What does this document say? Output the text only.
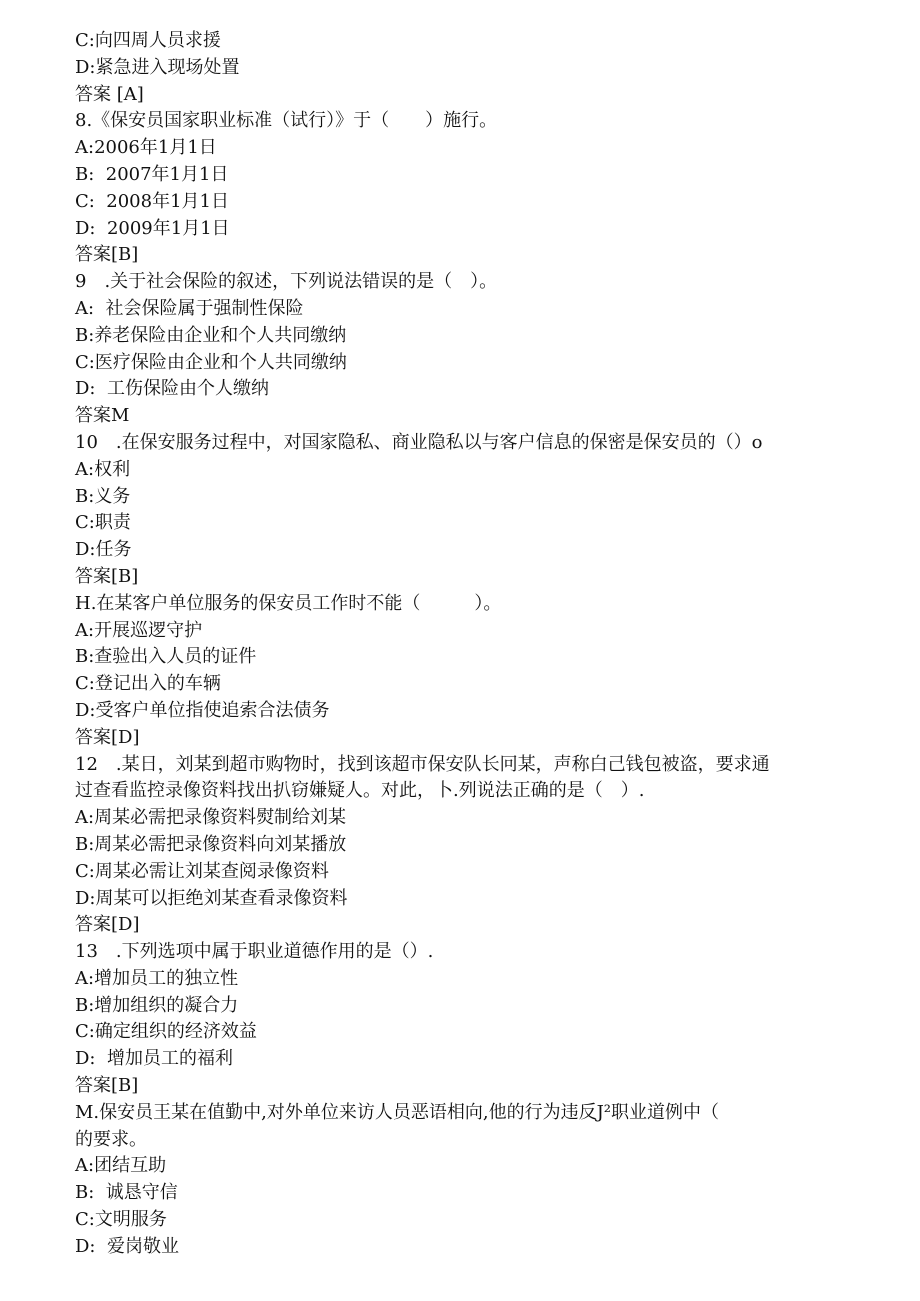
C:向四周人员求援
D:紧急进入现场处置
答案 [A]
8.《保安员国家职业标准（试行）》于（　　）施行。
A:2006年1月1日
B:  2007年1月1日
C:  2008年1月1日
D:  2009年1月1日
答案[B]
9　.关于社会保险的叙述，下列说法错误的是（　）。
A:  社会保险属于强制性保险
B:养老保险由企业和个人共同缴纳
C:医疗保险由企业和个人共同缴纳
D:  工伤保险由个人缴纳
答案M
10　.在保安服务过程中，对国家隐私、商业隐私以与客户信息的保密是保安员的（）o
A:权利
B:义务
C:职责
D:任务
答案[B]
H.在某客户单位服务的保安员工作时不能（　　　）。
A:开展巡逻守护
B:查验出入人员的证件
C:登记出入的车辆
D:受客户单位指使追索合法债务
答案[D]
12　.某日，刘某到超市购物时，找到该超市保安队长冋某，声称白己钱包被盗，要求通
过查看监控录像资料找出扒窃嫌疑人。对此，卜.列说法正确的是（　）.
A:周某必需把录像资料熨制给刘某
B:周某必需把录像资料向刘某播放
C:周某必需让刘某查阅录像资料
D:周某可以拒绝刘某查看录像资料
答案[D]
13　.下列选项中属于职业道德作用的是（）.
A:增加员工的独立性
B:增加组织的凝合力
C:确定组织的经济效益
D:  增加员工的福利
答案[B]
M.保安员王某在值勤中,对外单位来访人员恶语相向,他的行为违反J²职业道例中（
的要求。
A:团结互助
B:  诚恳守信
C:文明服务
D:  爱岗敬业
